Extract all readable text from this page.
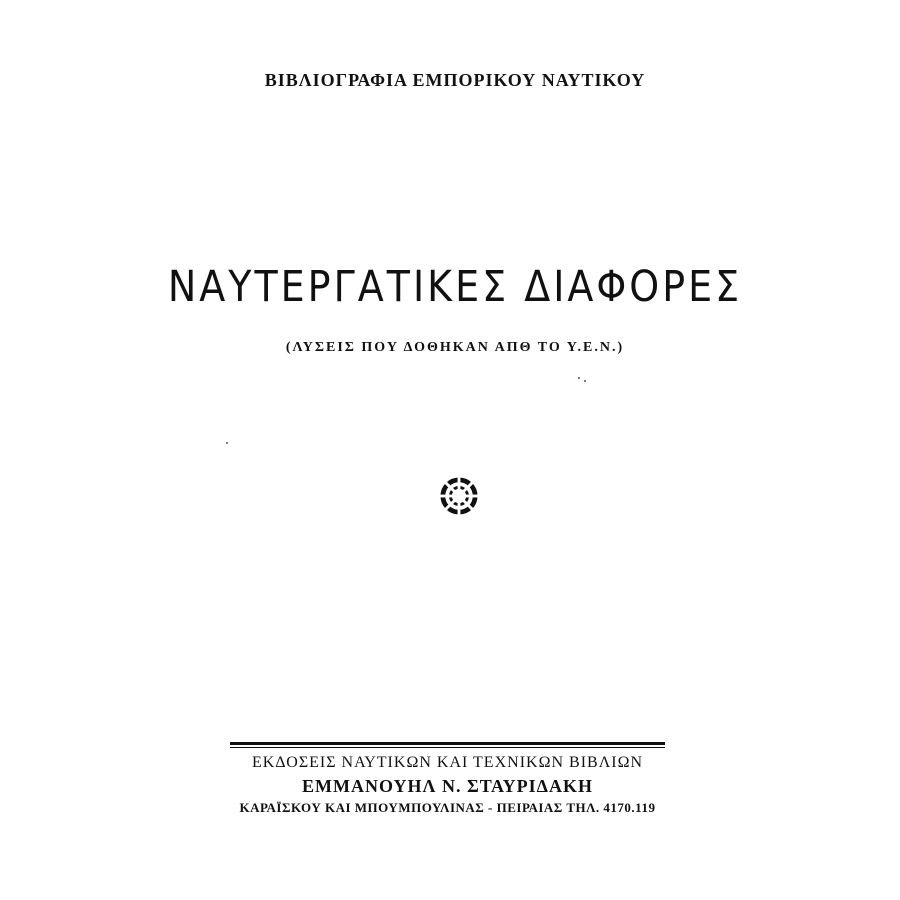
ΒΙΒΛΙΟΓΡΑΦΙΑ ΕΜΠΟΡΙΚΟΥ ΝΑΥΤΙΚΟΥ
ΝΑΥΤΕΡΓΑΤΙΚΕΣ ΔΙΑΦΟΡΕΣ
(ΛΥΣΕΙΣ ΠΟΥ ΔΟΘΗΚΑΝ ΑΠΘ ΤΟ Υ.Ε.Ν.)
ΕΚΔΟΣΕΙΣ ΝΑΥΤΙΚΩΝ ΚΑΙ ΤΕΧΝΙΚΩΝ ΒΙΒΛΙΩΝ
ΕΜΜΑΝΟΥΗΛ Ν. ΣΤΑΥΡΙΔΑΚΗ
ΚΑΡΑΪΣΚΟΥ ΚΑΙ ΜΠΟΥΜΠΟΥΛΙΝΑΣ - ΠΕΙΡΑΙΑΣ ΤΗΛ. 4170.119
